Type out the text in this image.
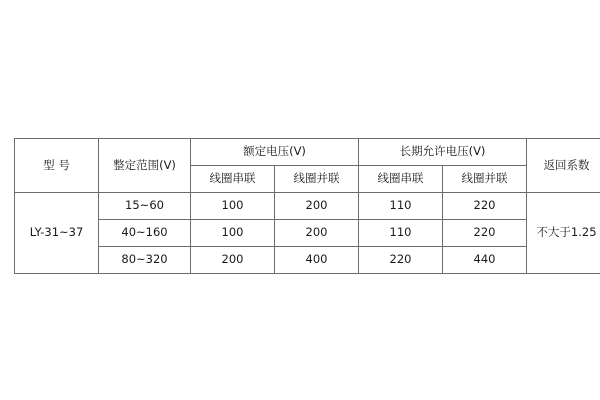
型 号	整定范围(V)	额定电压(V)		长期允许电压(V)		返回系数
		线圈串联	线圈并联	线圈串联	线圈并联	
LY-31~37	15~60	100	200	110	220	不大于1.25
	40~160	100	200	110	220	
	80~320	200	400	220	440	
